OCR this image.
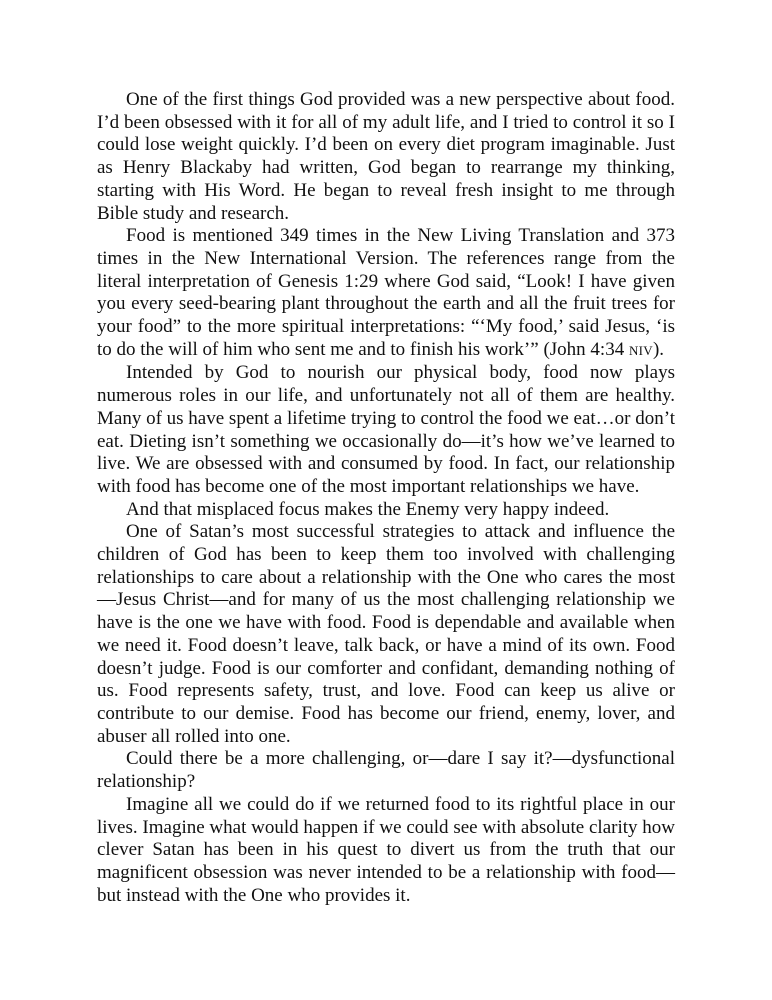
One of the first things God provided was a new perspective about food. I’d been obsessed with it for all of my adult life, and I tried to control it so I could lose weight quickly. I’d been on every diet program imaginable. Just as Henry Blackaby had written, God began to rearrange my thinking, starting with His Word. He began to reveal fresh insight to me through Bible study and research.

Food is mentioned 349 times in the New Living Translation and 373 times in the New International Version. The references range from the literal interpretation of Genesis 1:29 where God said, “Look! I have given you every seed-bearing plant throughout the earth and all the fruit trees for your food” to the more spiritual interpretations: “‘My food,’ said Jesus, ‘is to do the will of him who sent me and to finish his work’” (John 4:34 NIV).

Intended by God to nourish our physical body, food now plays numerous roles in our life, and unfortunately not all of them are healthy. Many of us have spent a lifetime trying to control the food we eat…or don’t eat. Dieting isn’t something we occasionally do—it’s how we’ve learned to live. We are obsessed with and consumed by food. In fact, our relationship with food has become one of the most important relationships we have.

And that misplaced focus makes the Enemy very happy indeed.

One of Satan’s most successful strategies to attack and influence the children of God has been to keep them too involved with challenging relationships to care about a relationship with the One who cares the most —Jesus Christ—and for many of us the most challenging relationship we have is the one we have with food. Food is dependable and available when we need it. Food doesn’t leave, talk back, or have a mind of its own. Food doesn’t judge. Food is our comforter and confidant, demanding nothing of us. Food represents safety, trust, and love. Food can keep us alive or contribute to our demise. Food has become our friend, enemy, lover, and abuser all rolled into one.

Could there be a more challenging, or—dare I say it?—dysfunctional relationship?

Imagine all we could do if we returned food to its rightful place in our lives. Imagine what would happen if we could see with absolute clarity how clever Satan has been in his quest to divert us from the truth that our magnificent obsession was never intended to be a relationship with food—but instead with the One who provides it.
